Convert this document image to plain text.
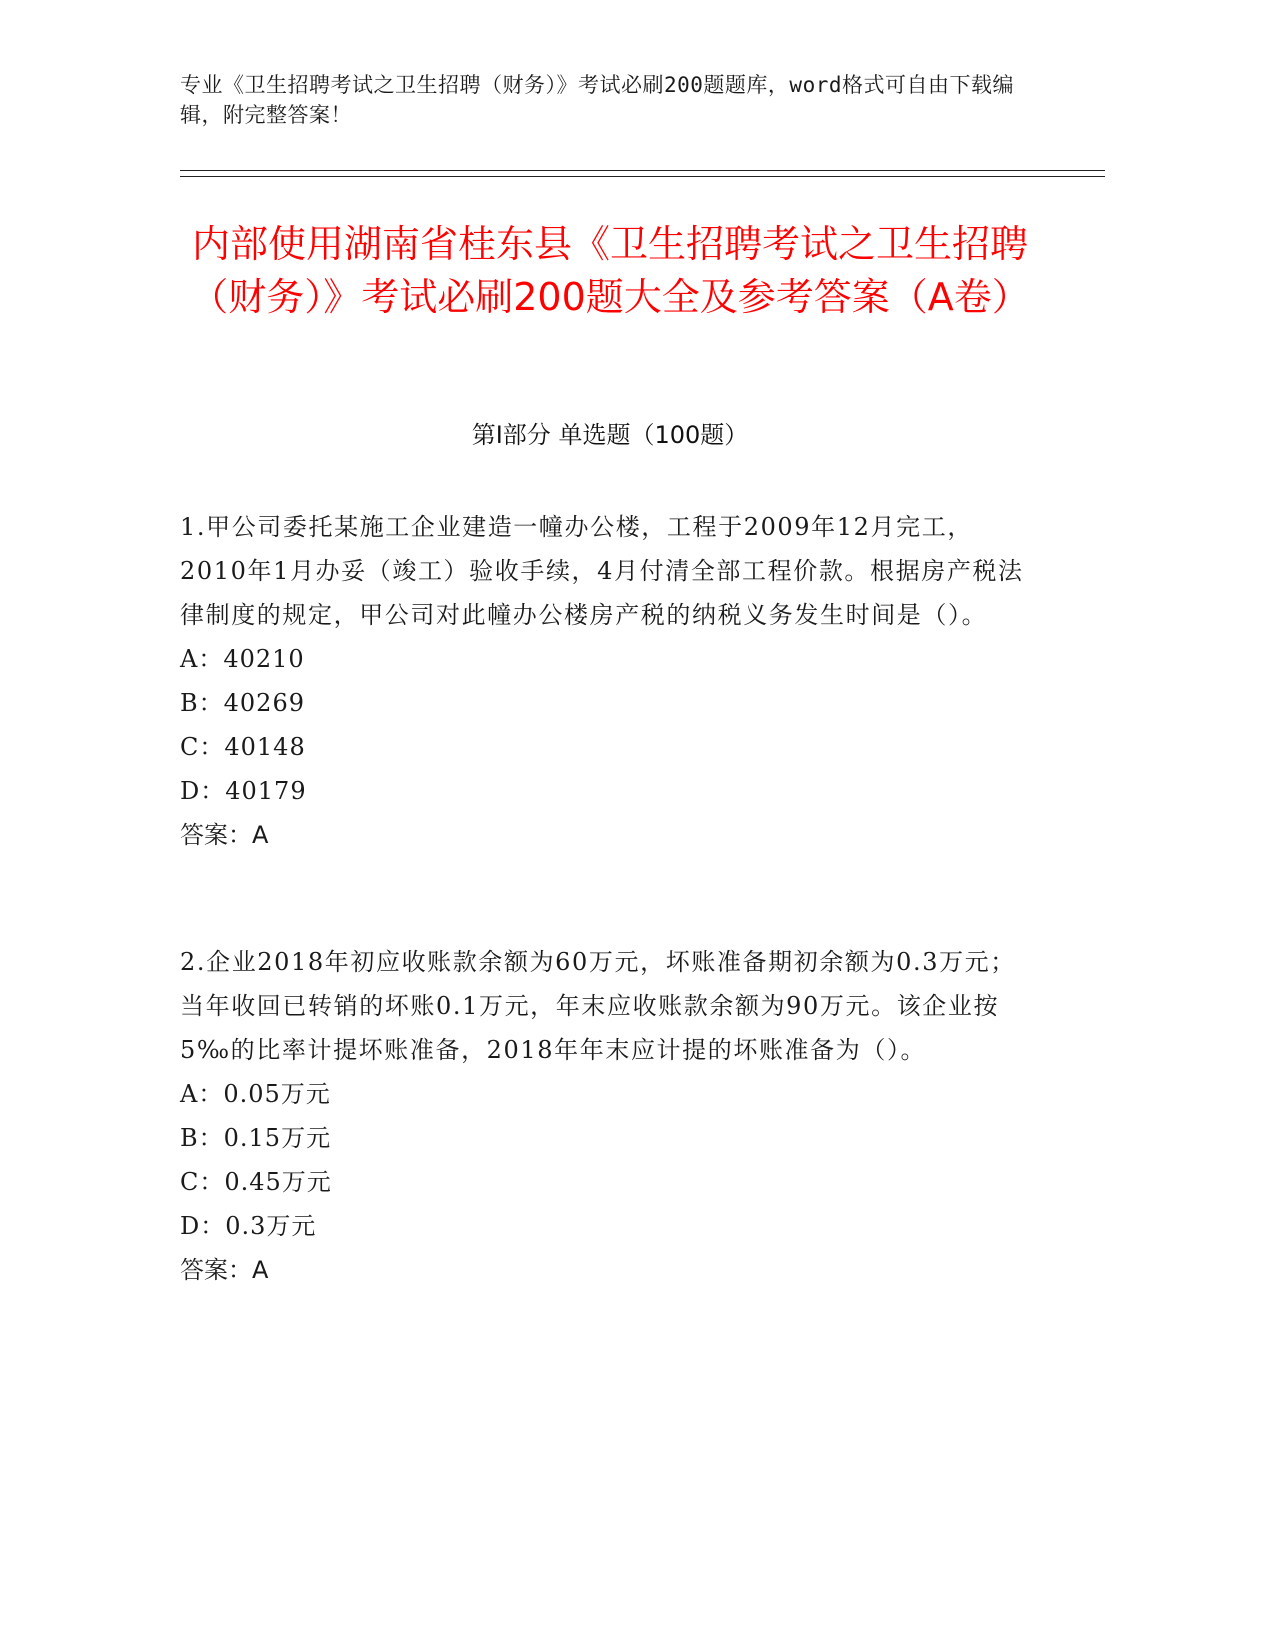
专业《卫生招聘考试之卫生招聘（财务）》考试必刷200题题库，word格式可自由下载编辑，附完整答案！
内部使用湖南省桂东县《卫生招聘考试之卫生招聘（财务）》考试必刷200题大全及参考答案（A卷）
第I部分 单选题（100题）

1.甲公司委托某施工企业建造一幢办公楼，工程于2009年12月完工，2010年1月办妥（竣工）验收手续，4月付清全部工程价款。根据房产税法律制度的规定，甲公司对此幢办公楼房产税的纳税义务发生时间是（）。

A：40210

B：40269

C：40148

D：40179

答案：A

2.企业2018年初应收账款余额为60万元，坏账准备期初余额为0.3万元；当年收回已转销的坏账0.1万元，年末应收账款余额为90万元。该企业按5‰的比率计提坏账准备，2018年年末应计提的坏账准备为（）。

A：0.05万元

B：0.15万元

C：0.45万元

D：0.3万元

答案：A
